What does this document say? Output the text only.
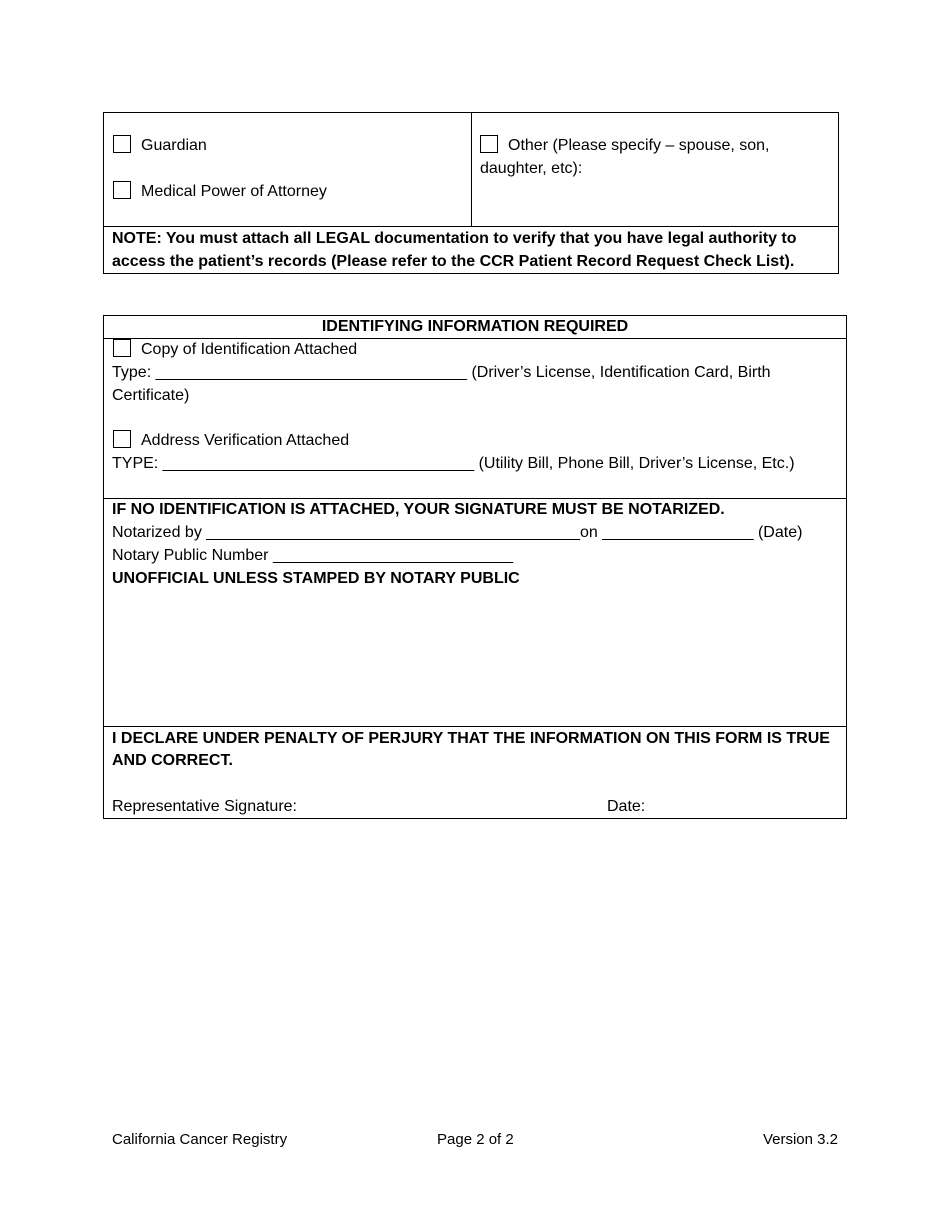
Guardian
Medical Power of Attorney
Other (Please specify – spouse, son,
daughter, etc):
NOTE: You must attach all LEGAL documentation to verify that you have legal authority to
access the patient’s records (Please refer to the CCR Patient Record Request Check List).
IDENTIFYING INFORMATION REQUIRED
Copy of Identification Attached
Type: ___________________________________ (Driver’s License, Identification Card, Birth
Certificate)
Address Verification Attached
TYPE: ___________________________________ (Utility Bill, Phone Bill, Driver’s License, Etc.)
IF NO IDENTIFICATION IS ATTACHED, YOUR SIGNATURE MUST BE NOTARIZED.
Notarized by __________________________________________on _________________ (Date)
Notary Public Number ___________________________
UNOFFICIAL UNLESS STAMPED BY NOTARY PUBLIC
I DECLARE UNDER PENALTY OF PERJURY THAT THE INFORMATION ON THIS FORM IS TRUE
AND CORRECT.
Representative Signature:	Date:
California Cancer Registry	Page 2 of 2	Version 3.2
